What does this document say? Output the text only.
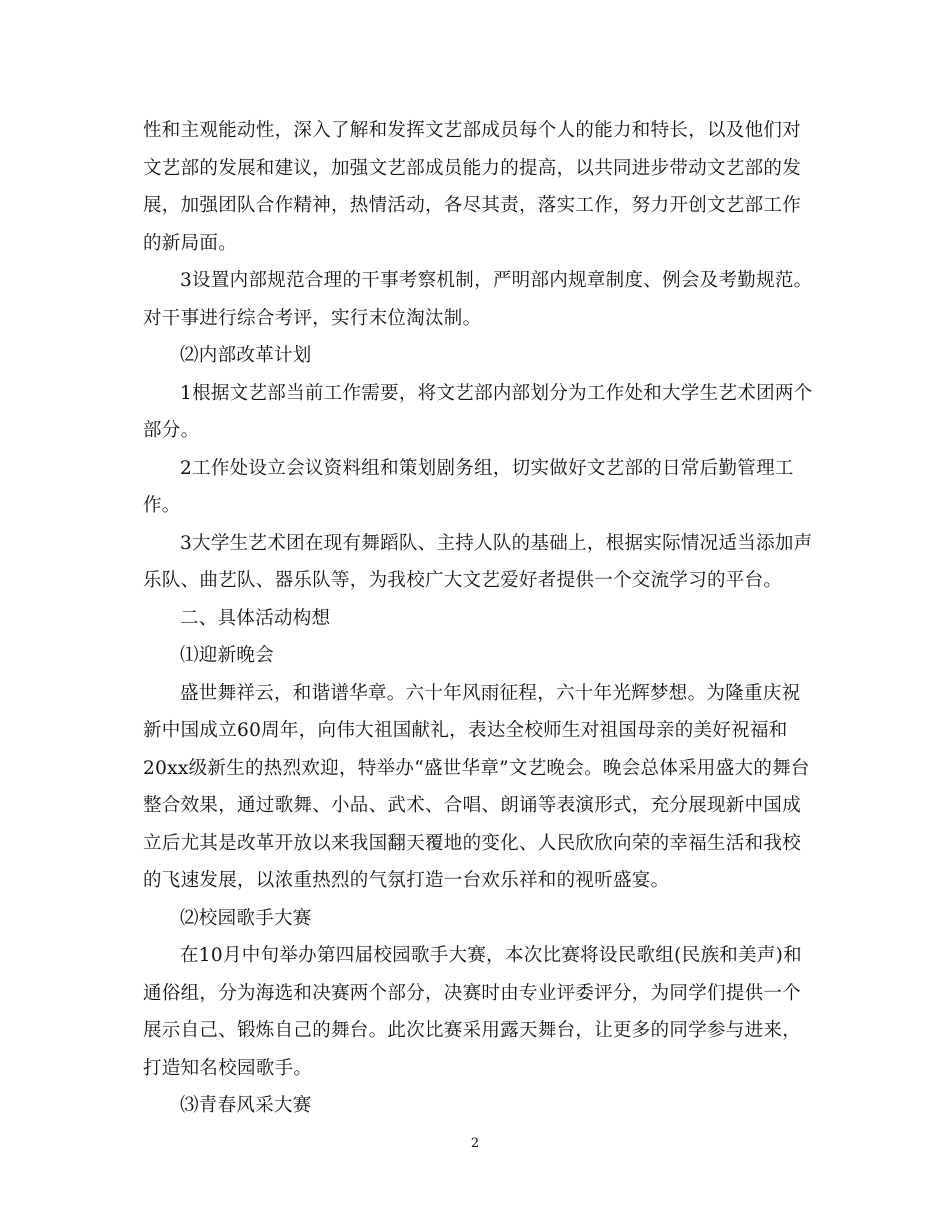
性和主观能动性，深入了解和发挥文艺部成员每个人的能力和特长，以及他们对
文艺部的发展和建议，加强文艺部成员能力的提高，以共同进步带动文艺部的发
展，加强团队合作精神，热情活动，各尽其责，落实工作，努力开创文艺部工作
的新局面。
3设置内部规范合理的干事考察机制，严明部内规章制度、例会及考勤规范。
对干事进行综合考评，实行末位淘汰制。
⑵内部改革计划
1根据文艺部当前工作需要，将文艺部内部划分为工作处和大学生艺术团两个
部分。
2工作处设立会议资料组和策划剧务组，切实做好文艺部的日常后勤管理工
作。
3大学生艺术团在现有舞蹈队、主持人队的基础上，根据实际情况适当添加声
乐队、曲艺队、器乐队等，为我校广大文艺爱好者提供一个交流学习的平台。
二、具体活动构想
⑴迎新晚会
盛世舞祥云，和谐谱华章。六十年风雨征程，六十年光辉梦想。为隆重庆祝
新中国成立60周年，向伟大祖国献礼，表达全校师生对祖国母亲的美好祝福和
20xx级新生的热烈欢迎，特举办“盛世华章”文艺晚会。晚会总体采用盛大的舞台
整合效果，通过歌舞、小品、武术、合唱、朗诵等表演形式，充分展现新中国成
立后尤其是改革开放以来我国翻天覆地的变化、人民欣欣向荣的幸福生活和我校
的飞速发展，以浓重热烈的气氛打造一台欢乐祥和的视听盛宴。
⑵校园歌手大赛
在10月中旬举办第四届校园歌手大赛，本次比赛将设民歌组(民族和美声)和
通俗组，分为海选和决赛两个部分，决赛时由专业评委评分，为同学们提供一个
展示自己、锻炼自己的舞台。此次比赛采用露天舞台，让更多的同学参与进来，
打造知名校园歌手。
⑶青春风采大赛
2
